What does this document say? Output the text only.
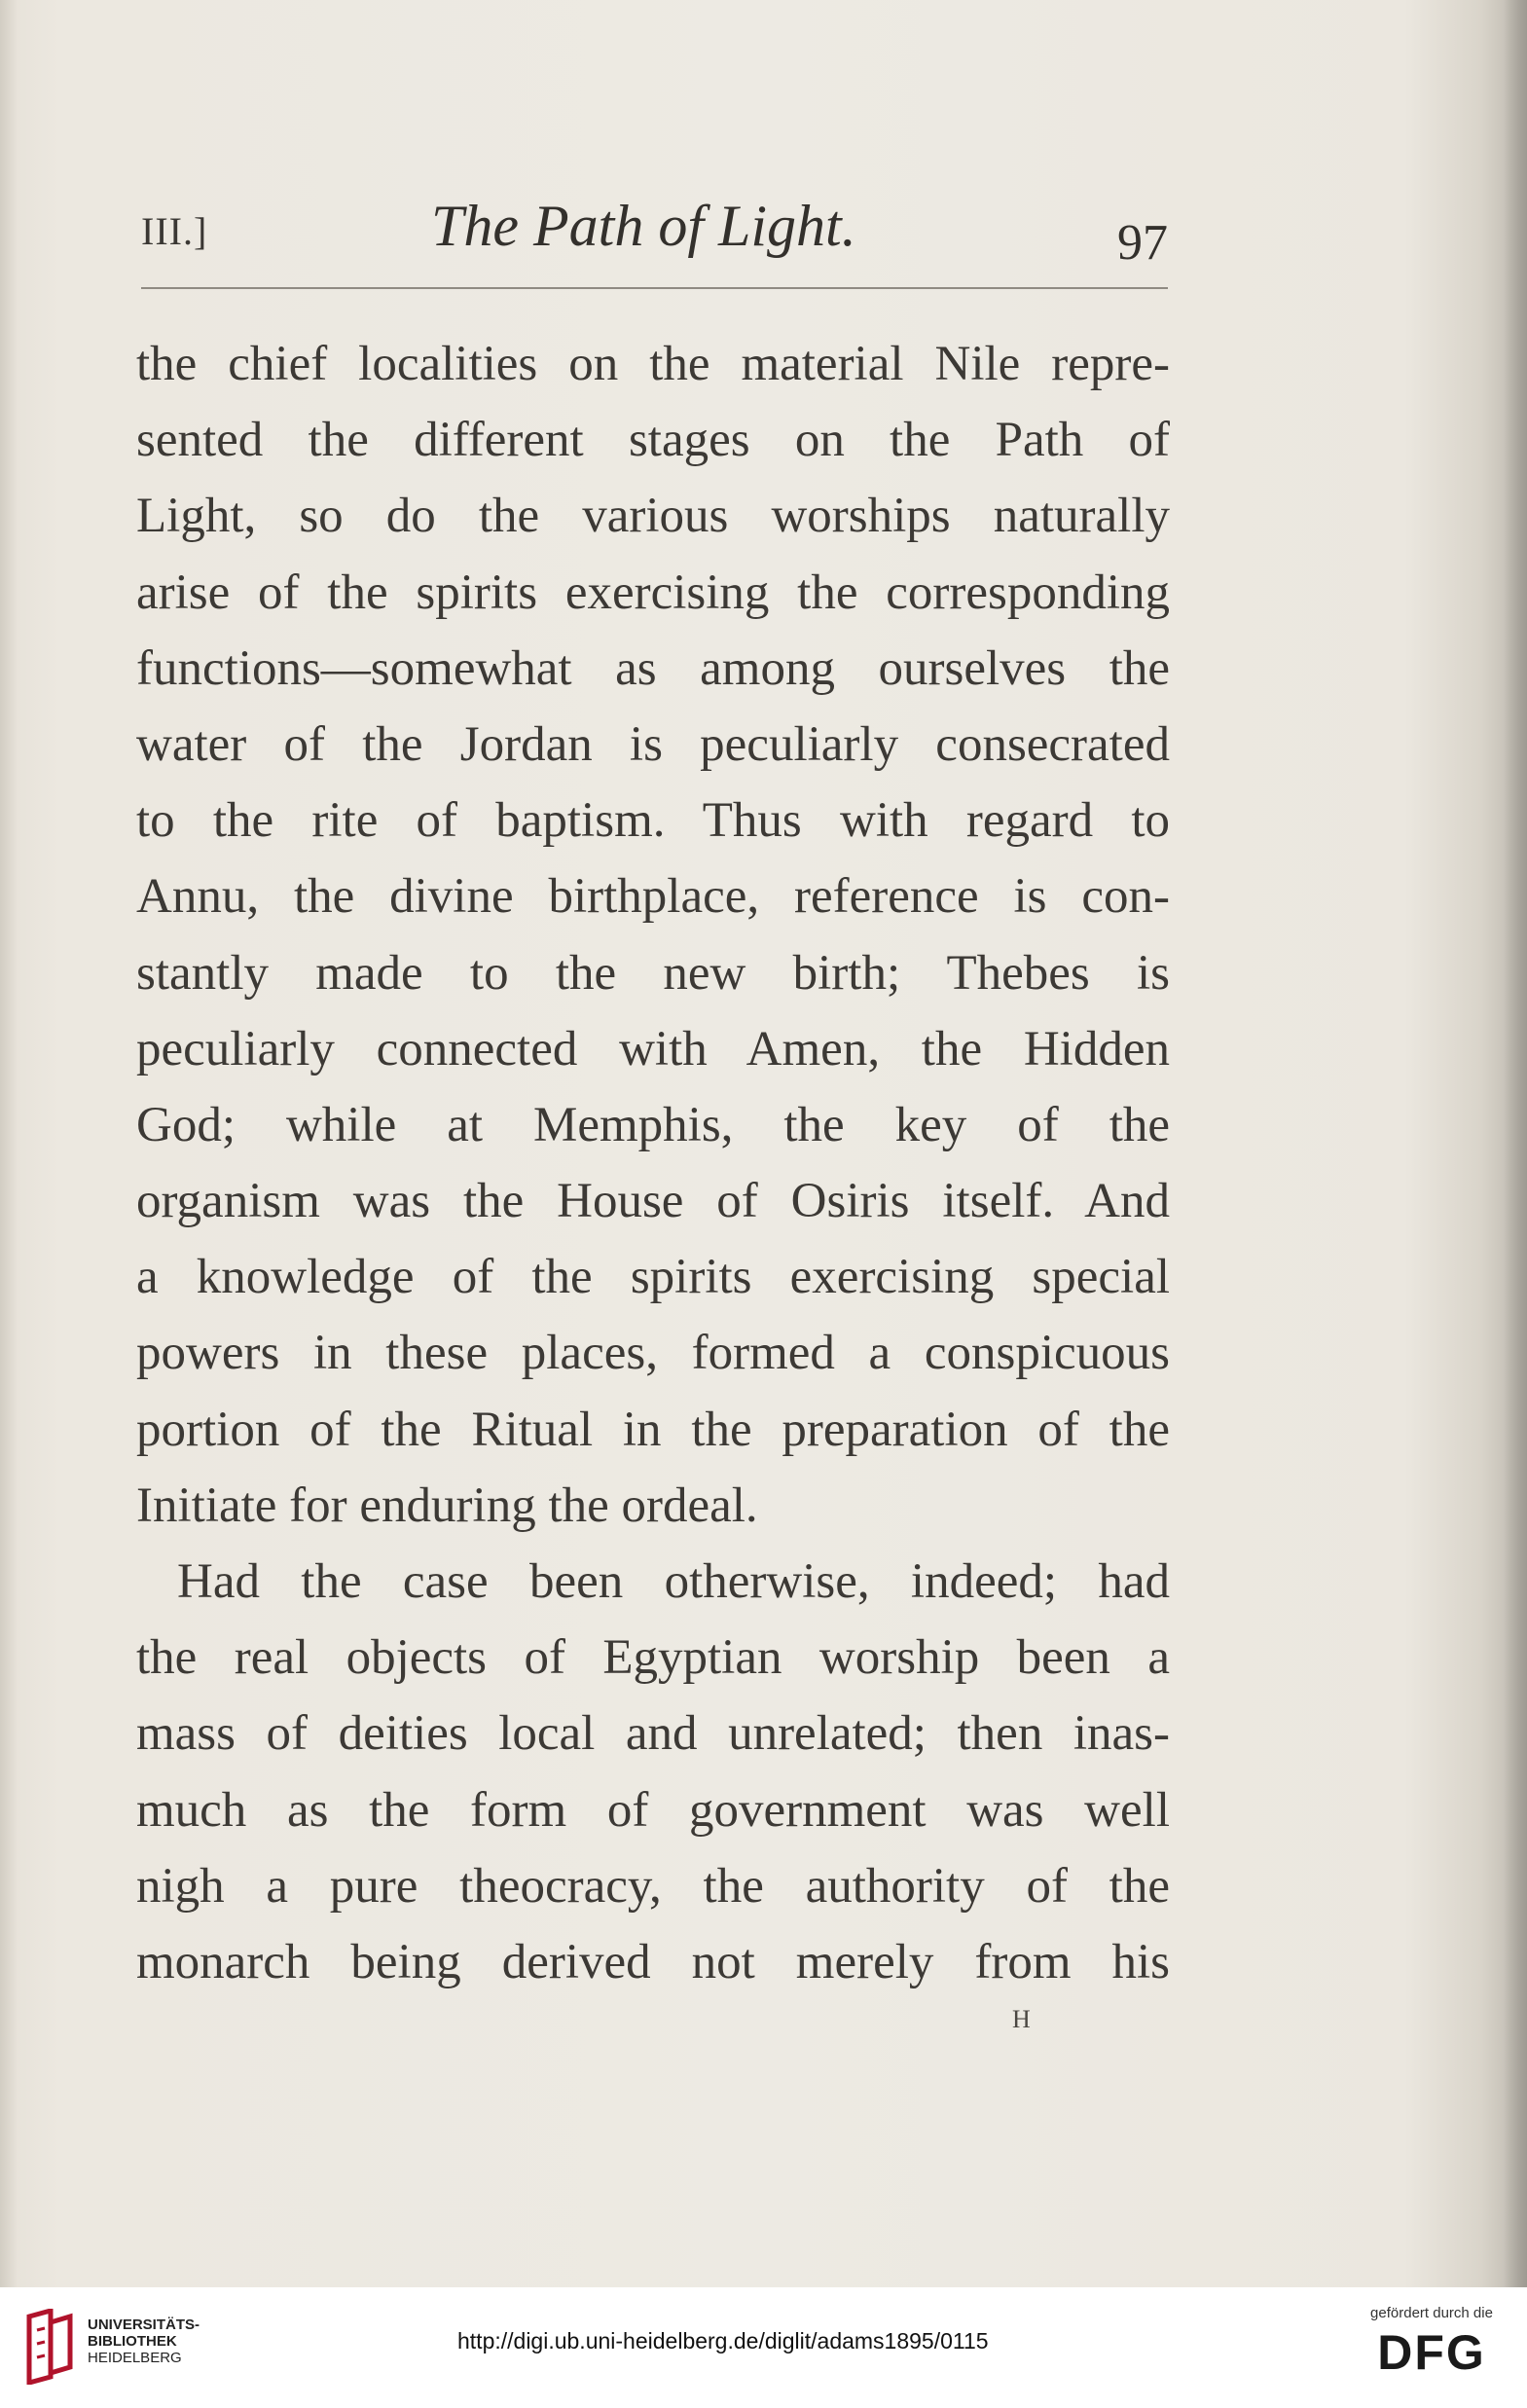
III.]	The Path of Light.	97
the chief localities on the material Nile repre-
sented the different stages on the Path of
Light, so do the various worships naturally
arise of the spirits exercising the corresponding
functions—somewhat as among ourselves the
water of the Jordan is peculiarly consecrated
to the rite of baptism. Thus with regard to
Annu, the divine birthplace, reference is con-
stantly made to the new birth; Thebes is
peculiarly connected with Amen, the Hidden
God; while at Memphis, the key of the
organism was the House of Osiris itself. And
a knowledge of the spirits exercising special
powers in these places, formed a conspicuous
portion of the Ritual in the preparation of the
Initiate for enduring the ordeal.
Had the case been otherwise, indeed; had
the real objects of Egyptian worship been a
mass of deities local and unrelated; then inas-
much as the form of government was well
nigh a pure theocracy, the authority of the
monarch being derived not merely from his
H
UNIVERSITÄTS-
BIBLIOTHEK
HEIDELBERG
http://digi.ub.uni-heidelberg.de/diglit/adams1895/0115
gefördert durch die
DFG
